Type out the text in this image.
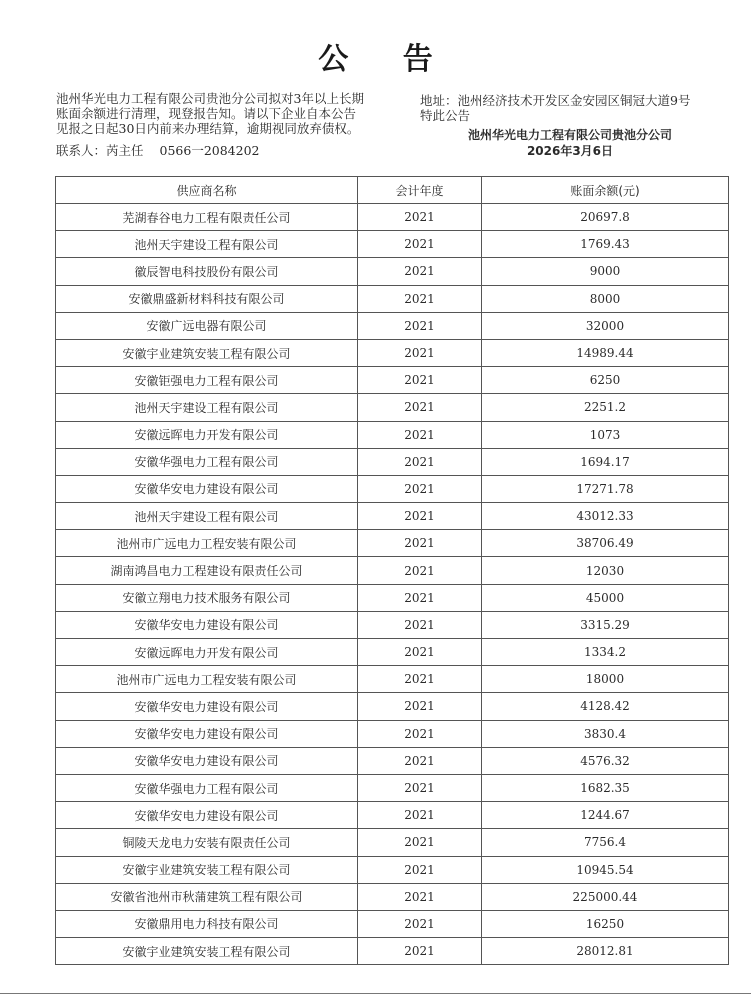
公 告

池州华光电力工程有限公司贵池分公司拟对3年以上长期账面余额进行清理，现登报告知。请以下企业自本公告见报之日起30日内前来办理结算，逾期视同放弃债权。

联系人：芮主任 0566一2084202
地址：池州经济技术开发区金安园区铜冠大道9号
特此公告
池州华光电力工程有限公司贵池分公司
2026年3月6日
供应商名称	会计年度	账面余额(元)
芜湖春谷电力工程有限责任公司	2021	20697.8
池州天宇建设工程有限公司	2021	1769.43
徽辰智电科技股份有限公司	2021	9000
安徽鼎盛新材料科技有限公司	2021	8000
安徽广远电器有限公司	2021	32000
安徽宇业建筑安装工程有限公司	2021	14989.44
安徽钜强电力工程有限公司	2021	6250
池州天宇建设工程有限公司	2021	2251.2
安徽远晖电力开发有限公司	2021	1073
安徽华强电力工程有限公司	2021	1694.17
安徽华安电力建设有限公司	2021	17271.78
池州天宇建设工程有限公司	2021	43012.33
池州市广远电力工程安装有限公司	2021	38706.49
湖南鸿昌电力工程建设有限责任公司	2021	12030
安徽立翔电力技术服务有限公司	2021	45000
安徽华安电力建设有限公司	2021	3315.29
安徽远晖电力开发有限公司	2021	1334.2
池州市广远电力工程安装有限公司	2021	18000
安徽华安电力建设有限公司	2021	4128.42
安徽华安电力建设有限公司	2021	3830.4
安徽华安电力建设有限公司	2021	4576.32
安徽华强电力工程有限公司	2021	1682.35
安徽华安电力建设有限公司	2021	1244.67
铜陵天龙电力安装有限责任公司	2021	7756.4
安徽宇业建筑安装工程有限公司	2021	10945.54
安徽省池州市秋蒲建筑工程有限公司	2021	225000.44
安徽鼎用电力科技有限公司	2021	16250
安徽宇业建筑安装工程有限公司	2021	28012.81
